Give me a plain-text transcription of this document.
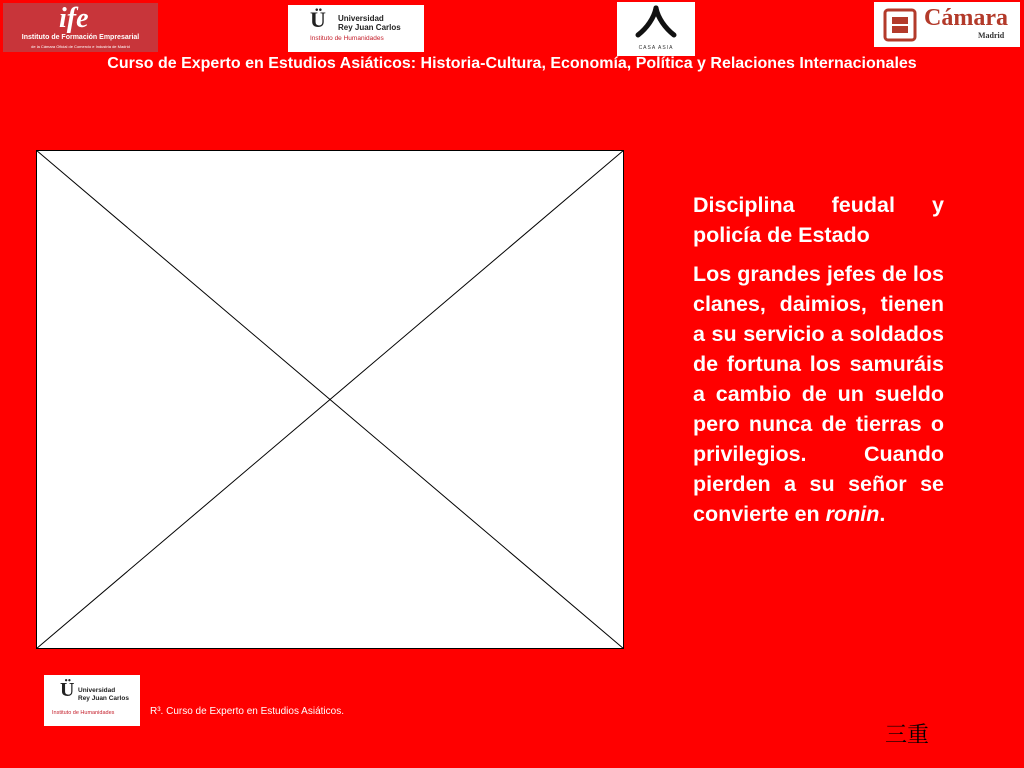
ife
Instituto de Formación Empresarial
de la Cámara Oficial de Comercio e Industria de Madrid
Ü Universidad
Rey Juan Carlos
Instituto de Humanidades
CASA ASIA
Cámara
Madrid
Curso de Experto en Estudios Asiáticos: Historia-Cultura, Economía, Política y Relaciones Internacionales

Disciplina feudal y policía de Estado

Los grandes jefes de los clanes, daimios, tienen a su servicio a soldados de fortuna los samuráis a cambio de un sueldo pero nunca de tierras o privilegios. Cuando pierden a su señor se convierte en ronin.

Ü Universidad
Rey Juan Carlos
Instituto de Humanidades	R³. Curso de Experto en Estudios Asiáticos.
三重
